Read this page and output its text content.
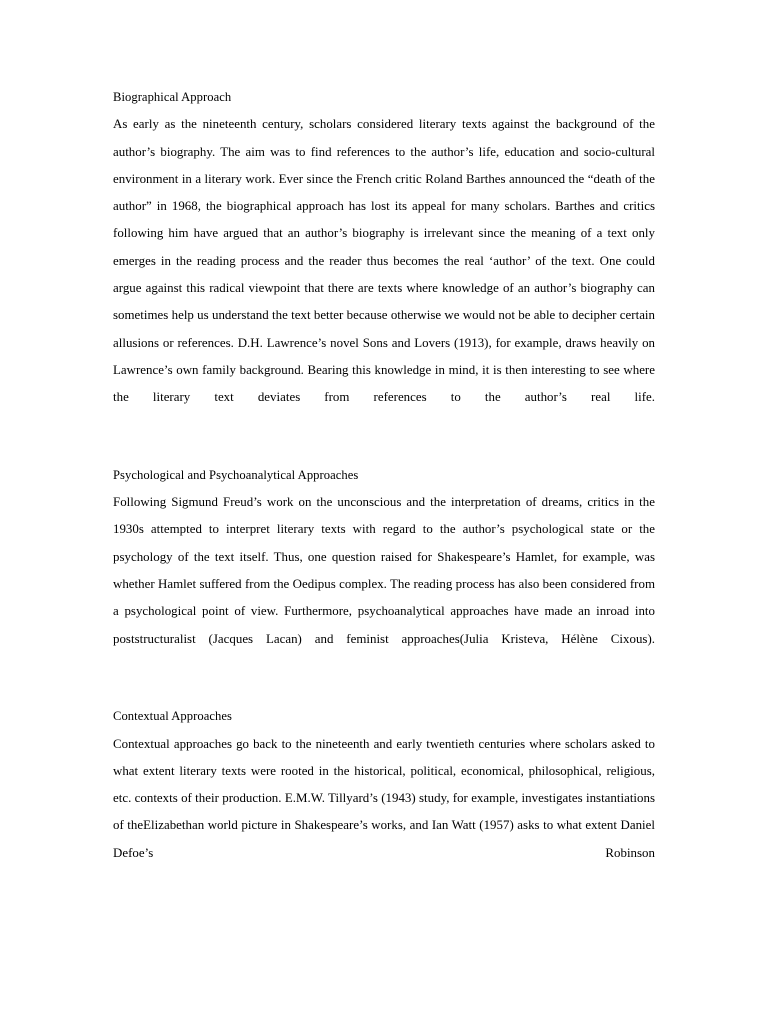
Biographical Approach

As early as the nineteenth century, scholars considered literary texts against the background of the author’s biography. The aim was to find references to the author’s life, education and socio-cultural environment in a literary work. Ever since the French critic Roland Barthes announced the “death of the author” in 1968, the biographical approach has lost its appeal for many scholars. Barthes and critics following him have argued that an author’s biography is irrelevant since the meaning of a text only emerges in the reading process and the reader thus becomes the real ‘author’ of the text. One could argue against this radical viewpoint that there are texts where knowledge of an author’s biography can sometimes help us understand the text better because otherwise we would not be able to decipher certain allusions or references. D.H. Lawrence’s novel Sons and Lovers (1913), for example, draws heavily on Lawrence’s own family background. Bearing this knowledge in mind, it is then interesting to see where the literary text deviates from references to the author’s real life.

Psychological and Psychoanalytical Approaches

Following Sigmund Freud’s work on the unconscious and the interpretation of dreams, critics in the 1930s attempted to interpret literary texts with regard to the author’s psychological state or the psychology of the text itself. Thus, one question raised for Shakespeare’s Hamlet, for example, was whether Hamlet suffered from the Oedipus complex. The reading process has also been considered from a psychological point of view. Furthermore, psychoanalytical approaches have made an inroad into poststructuralist (Jacques Lacan) and feminist approaches(Julia Kristeva, Hélène Cixous).

Contextual Approaches

Contextual approaches go back to the nineteenth and early twentieth centuries where scholars asked to what extent literary texts were rooted in the historical, political, economical, philosophical, religious, etc. contexts of their production. E.M.W. Tillyard’s (1943) study, for example, investigates instantiations of theElizabethan world picture in Shakespeare’s works, and Ian Watt (1957) asks to what extent Daniel Defoe’s Robinson
